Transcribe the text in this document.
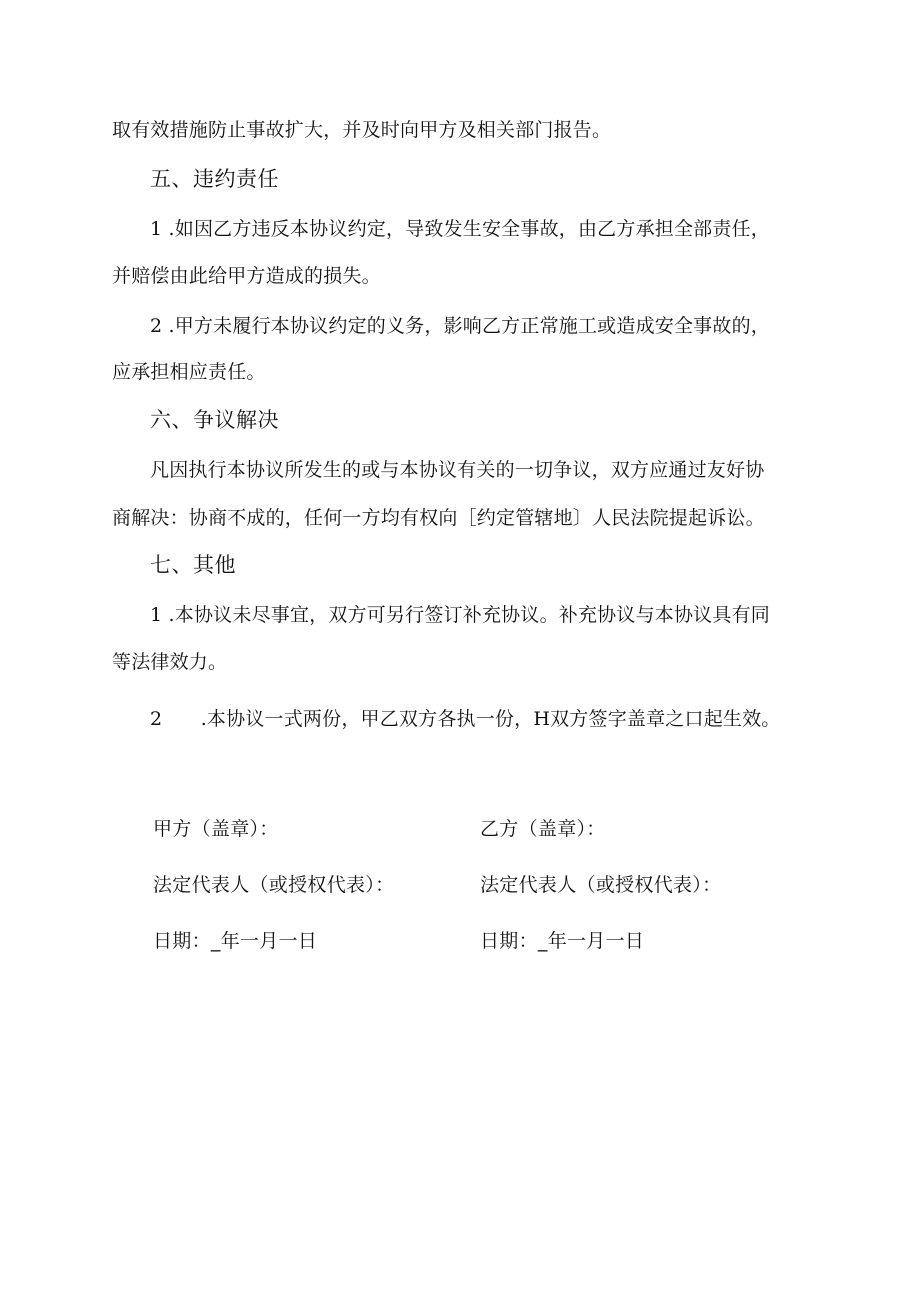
取有效措施防止事故扩大，并及时向甲方及相关部门报告。
五、违约责任
1 .如因乙方违反本协议约定，导致发生安全事故，由乙方承担全部责任，
并赔偿由此给甲方造成的损失。
2 .甲方未履行本协议约定的义务，影响乙方正常施工或造成安全事故的，
应承担相应责任。
六、争议解决
凡因执行本协议所发生的或与本协议有关的一切争议，双方应通过友好协
商解决：协商不成的，任何一方均有权向［约定管辖地〕人民法院提起诉讼。
七、其他
1 .本协议未尽事宜，双方可另行签订补充协议。补充协议与本协议具有同
等法律效力。
2　　.本协议一式两份，甲乙双方各执一份，H双方签字盖章之口起生效。
甲方（盖章）：	乙方（盖章）：
法定代表人（或授权代表）：	法定代表人（或授权代表）：
日期：_年一月一日	日期：_年一月一日
